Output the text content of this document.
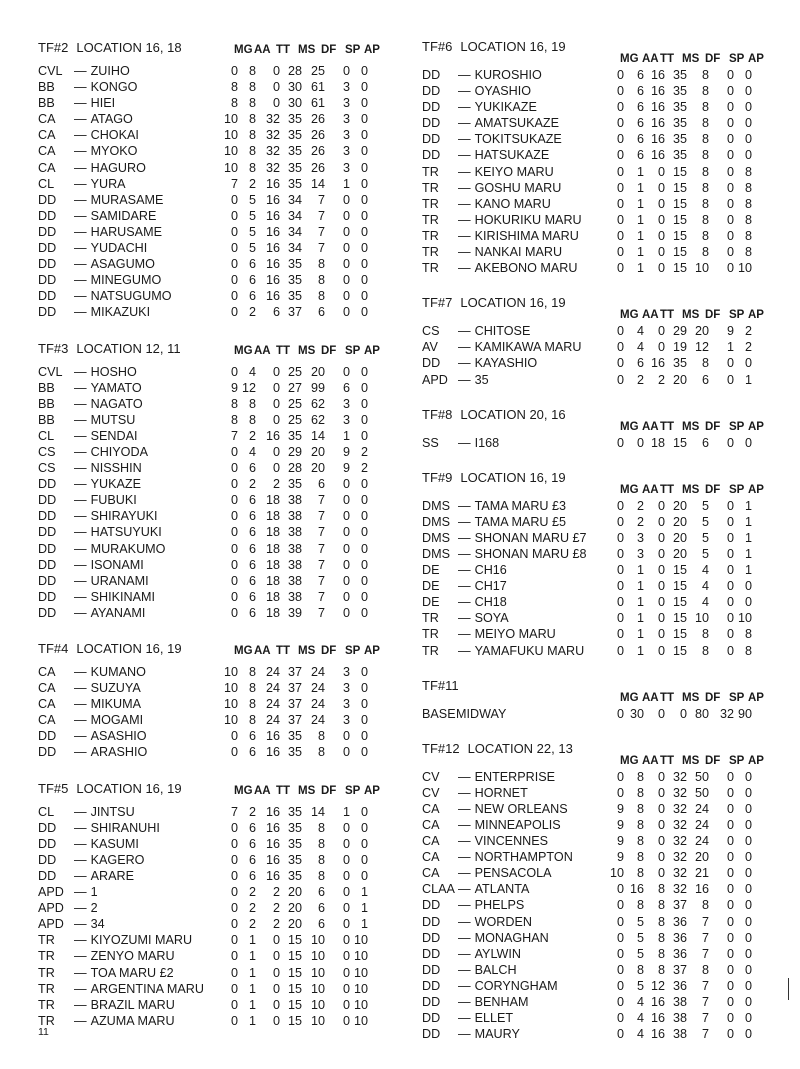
TF#2 LOCATION 16, 18	MG AA TT MS DF SP AP
CVL — ZUIHO	0 8	0 28 25	0 0
BB — KONGO	8 8	0 30 61	3 0
BB — HIEI	8 8	0 30 61	3 0
CA — ATAGO	10 8 32 35 26	3 0
CA — CHOKAI	10 8 32 35 26	3 0
CA — MYOKO	10 8 32 35 26	3 0
CA — HAGURO	10 8 32 35 26	3 0
CL — YURA	7 2 16 35 14	1 0
DD — MURASAME	0 5 16 34	7	0 0
DD — SAMIDARE	0 5 16 34	7	0 0
DD — HARUSAME	0 5 16 34	7	0 0
DD — YUDACHI	0 5 16 34	7	0 0
DD — ASAGUMO	0 6 16 35	8	0 0
DD — MINEGUMO	0 6 16 35	8	0 0
DD — NATSUGUMO	0 6 16 35	8	0 0
DD — MIKAZUKI	0 2	6 37	6	0 0
TF#3 LOCATION 12, 11	MG AA TT MS DF SP AP
CVL — HOSHO	0 4	0 25 20	0 0
BB — YAMATO	9 12	0 27 99	6 0
BB — NAGATO	8 8	0 25 62	3 0
BB — MUTSU	8 8	0 25 62	3 0
CL — SENDAI	7 2 16 35 14	1 0
CS — CHIYODA	0 4	0 29 20	9 2
CS — NISSHIN	0 6	0 28 20	9 2
DD — YUKAZE	0 2	2 35	6	0 0
DD — FUBUKI	0 6 18 38	7	0 0
DD — SHIRAYUKI	0 6 18 38	7	0 0
DD — HATSUYUKI	0 6 18 38	7	0 0
DD — MURAKUMO	0 6 18 38	7	0 0
DD — ISONAMI	0 6 18 38	7	0 0
DD — URANAMI	0 6 18 38	7	0 0
DD — SHIKINAMI	0 6 18 38	7	0 0
DD — AYANAMI	0 6 18 39	7	0 0
TF#4 LOCATION 16, 19	MG AA TT MS DF SP AP
CA — KUMANO	10 8 24 37 24	3 0
CA — SUZUYA	10 8 24 37 24	3 0
CA — MIKUMA	10 8 24 37 24	3 0
CA — MOGAMI	10 8 24 37 24	3 0
DD — ASASHIO	0 6 16 35	8	0 0
DD — ARASHIO	0 6 16 35	8	0 0
TF#5 LOCATION 16, 19	MG AA TT MS DF SP AP
CL — JINTSU	7 2 16 35 14	1 0
DD — SHIRANUHI	0 6 16 35	8	0 0
DD — KASUMI	0 6 16 35	8	0 0
DD — KAGERO	0 6 16 35	8	0 0
DD — ARARE	0 6 16 35	8	0 0
APD — 1	0 2	2 20	6	0 1
APD — 2	0 2	2 20	6	0 1
APD — 34	0 2	2 20	6	0 1
TR — KIYOZUMI MARU	0 1	0 15 10	0 10
TR — ZENYO MARU	0 1	0 15 10	0 10
TR — TOA MARU £2	0 1	0 15 10	0 10
TR — ARGENTINA MARU	0 1	0 15 10	0 10
TR — BRAZIL MARU	0 1	0 15 10	0 10
TR — AZUMA MARU	0 1	0 15 10	0 10
TF#6 LOCATION 16, 19
MG AA TT MS DF SP AP
DD — KUROSHIO	0	6 16 35	8	0 0
DD — OYASHIO	0	6 16 35	8	0 0
DD — YUKIKAZE	0	6 16 35	8	0 0
DD — AMATSUKAZE	0	6 16 35	8	0 0
DD — TOKITSUKAZE	0	6 16 35	8	0 0
DD — HATSUKAZE	0	6 16 35	8	0 0
TR — KEIYO MARU	0	1	0 15	8	0 8
TR — GOSHU MARU	0	1	0 15	8	0 8
TR — KANO MARU	0	1	0 15	8	0 8
TR — HOKURIKU MARU	0	1	0 15	8	0 8
TR — KIRISHIMA MARU	0	1	0 15	8	0 8
TR — NANKAI MARU	0	1	0 15	8	0 8
TR — AKEBONO MARU	0	1	0 15 10	0 10
TF#7 LOCATION 16, 19
MG AA TT MS DF SP AP
CS — CHITOSE	0	4	0 29 20	9 2
AV — KAMIKAWA MARU	0	4	0 19 12	1 2
DD — KAYASHIO	0	6 16 35	8	0 0
APD — 35	0	2	2 20	6	0 1
TF#8 LOCATION 20, 16
MG AA TT MS DF SP AP
SS — I168	0	0 18 15	6	0 0
TF#9 LOCATION 16, 19
MG AA TT MS DF SP AP
DMS — TAMA MARU £3	0	2	0 20	5	0 1
DMS — TAMA MARU £5	0	2	0 20	5	0 1
DMS — SHONAN MARU £7	0	3	0 20	5	0 1
DMS — SHONAN MARU £8	0	3	0 20	5	0 1
DE — CH16	0	1	0 15	4	0 1
DE — CH17	0	1	0 15	4	0 0
DE — CH18	0	1	0 15	4	0 0
TR — SOYA	0	1	0 15 10	0 10
TR — MEIYO MARU	0	1	0 15	8	0 8
TR — YAMAFUKU MARU	0	1	0 15	8	0 8
TF#11
MG AA TT MS DF SP AP
BASEMIDWAY	0 30	0	0 80 32 90
TF#12 LOCATION 22, 13
MG AA TT MS DF SP AP
CV — ENTERPRISE	0	8	0 32 50	0 0
CV — HORNET	0	8	0 32 50	0 0
CA — NEW ORLEANS	9	8	0 32 24	0 0
CA — MINNEAPOLIS	9	8	0 32 24	0 0
CA — VINCENNES	9	8	0 32 24	0 0
CA — NORTHAMPTON	9	8	0 32 20	0 0
CA — PENSACOLA	10	8	0 32 21	0 0
CLAA — ATLANTA	0 16	8 32 16	0 0
DD — PHELPS	0	8	8 37	8	0 0
DD — WORDEN	0	5	8 36	7	0 0
DD — MONAGHAN	0	5	8 36	7	0 0
DD — AYLWIN	0	5	8 36	7	0 0
DD — BALCH	0	8	8 37	8	0 0
DD — CORYNGHAM	0	5 12 36	7	0 0
DD — BENHAM	0	4 16 38	7	0 0
DD — ELLET	0	4 16 38	7	0 0
DD — MAURY	0	4 16 38	7	0 0
11
